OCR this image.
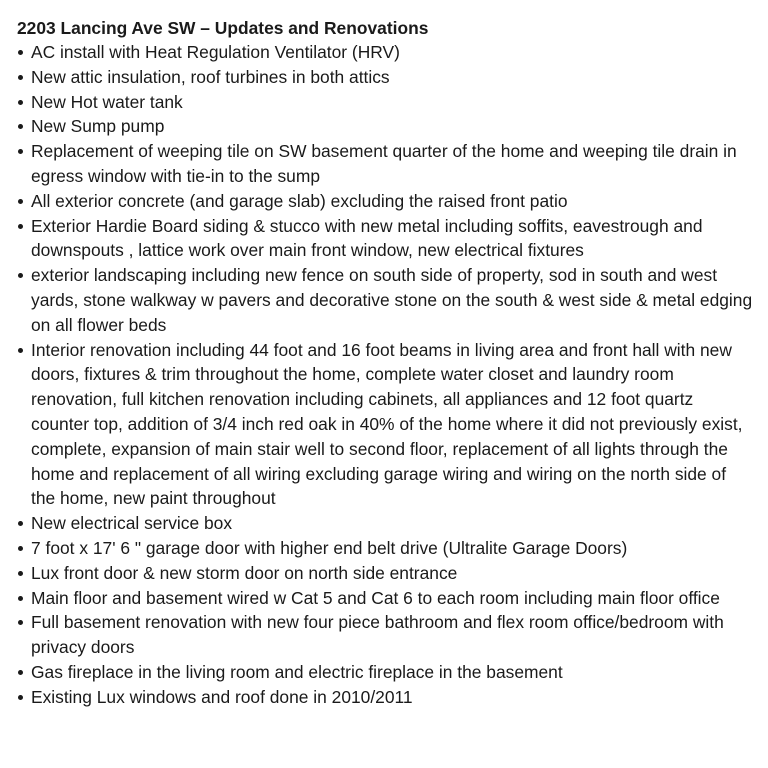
2203 Lancing Ave SW – Updates and Renovations
AC install with Heat Regulation Ventilator (HRV)
New attic insulation, roof turbines in both attics
New Hot water tank
New Sump pump
Replacement of weeping tile on SW basement quarter of the home and weeping tile drain in egress window with tie-in to the sump
All exterior concrete (and garage slab) excluding the raised front patio
Exterior Hardie Board siding & stucco with new metal including soffits, eavestrough and downspouts , lattice work over main front window, new electrical fixtures
exterior landscaping including new fence on south side of property, sod in south and west yards, stone walkway w pavers and decorative stone on the south & west side & metal edging on all flower beds
Interior renovation including 44 foot and 16 foot beams in living area and front hall with new doors, fixtures & trim throughout the home, complete water closet and laundry room renovation, full kitchen renovation including cabinets, all appliances and 12 foot quartz counter top, addition of 3/4 inch red oak in 40% of the home where it did not previously exist, complete, expansion of main stair well to second floor, replacement of all lights through the home and replacement of all wiring excluding garage wiring and wiring on the north side of the home, new paint throughout
New electrical service box
7 foot x 17' 6 " garage door with higher end belt drive (Ultralite Garage Doors)
Lux front door & new storm door on north side entrance
Main floor and basement wired w Cat 5 and Cat 6 to each room including main floor office
Full basement renovation with new four piece bathroom and flex room office/bedroom with privacy doors
Gas fireplace in the living room and electric fireplace in the basement
Existing Lux windows and roof done in 2010/2011
